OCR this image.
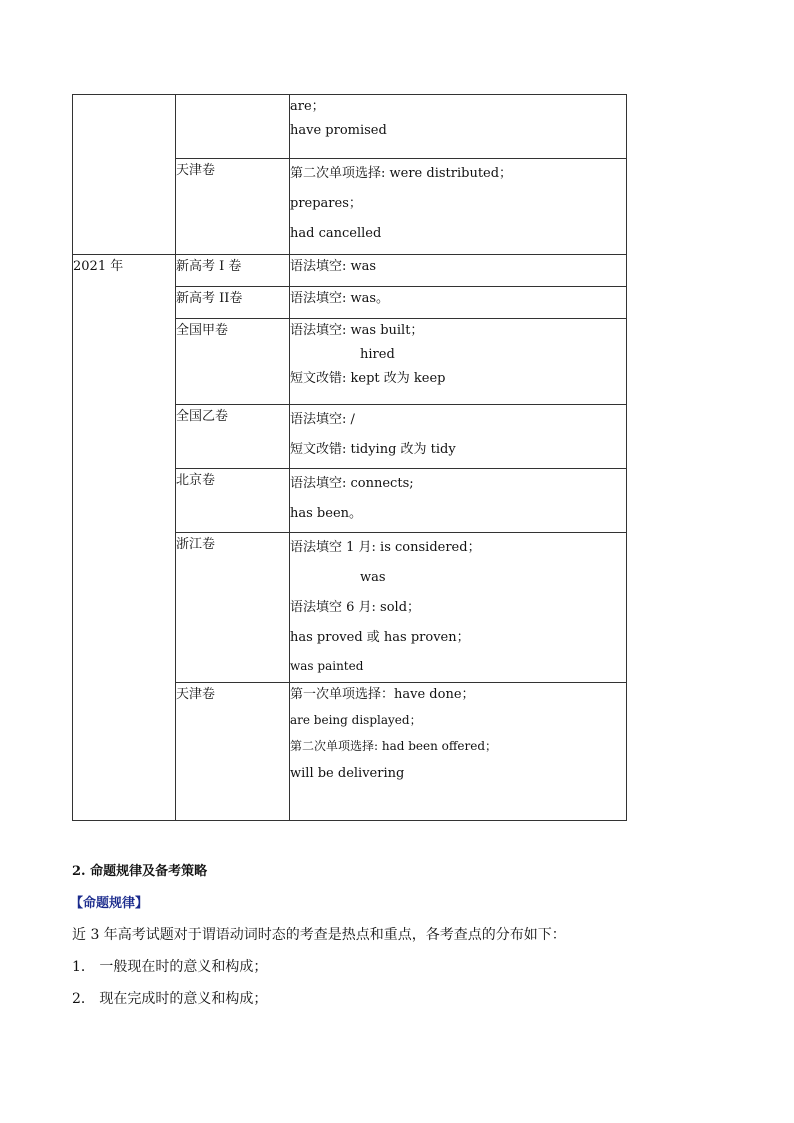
		are；
have promised

	天津卷	第二次单项选择: were distributed；
prepares；
had cancelled

2021 年	新高考 I 卷	语法填空: was

	新高考 II卷	语法填空: was。

	全国甲卷	语法填空: was built；
hired
短文改错: kept 改为 keep

	全国乙卷	语法填空: /
短文改错: tidying 改为 tidy

	北京卷	语法填空: connects;
has been。

	浙江卷	语法填空 1 月: is considered；
was
语法填空 6 月: sold；
has proved 或 has proven；
was painted

	天津卷	第一次单项选择：have done；
are being displayed；
第二次单项选择: had been offered；
will be delivering
2. 命题规律及备考策略
【命题规律】
近 3 年高考试题对于谓语动词时态的考查是热点和重点，各考查点的分布如下：
1． 一般现在时的意义和构成；
2． 现在完成时的意义和构成；
